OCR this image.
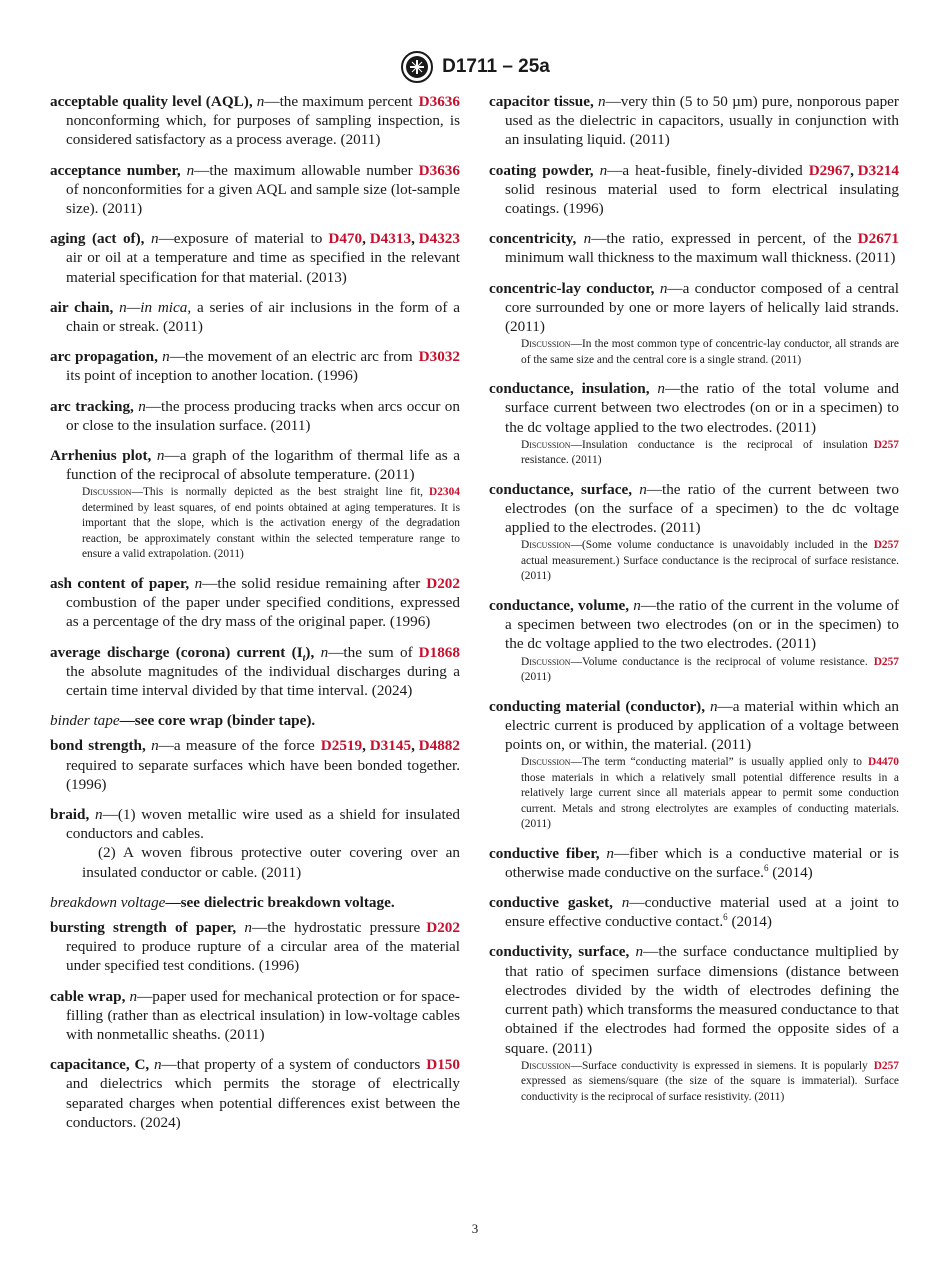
D1711 – 25a
acceptable quality level (AQL), n	D3636
—the maximum percent nonconforming which, for purposes of sampling inspection, is considered satisfactory as a process average. (2011)
acceptance number, n	D3636
—the maximum allowable number of nonconformities for a given AQL and sample size (lot-sample size). (2011)
aging (act of), n	D470, D4313, D4323
—exposure of material to air or oil at a temperature and time as specified in the relevant material specification for that material. (2013)
air chain, n—in mica, a series of air inclusions in the form of a chain or streak. (2011)
arc propagation, n	D3032
—the movement of an electric arc from its point of inception to another location. (1996)
arc tracking, n—the process producing tracks when arcs occur on or close to the insulation surface. (2011)
Arrhenius plot, n—a graph of the logarithm of thermal life as a function of the reciprocal of absolute temperature. (2011)
Discussion	D2304
—This is normally depicted as the best straight line fit, determined by least squares, of end points obtained at aging temperatures. It is important that the slope, which is the activation energy of the degradation reaction, be approximately constant within the selected temperature range to ensure a valid extrapolation. (2011)
ash content of paper, n	D202
—the solid residue remaining after combustion of the paper under specified conditions, expressed as a percentage of the dry mass of the original paper. (1996)
average discharge (corona) current $(I_t)$, n	D1868
—the sum of the absolute magnitudes of the individual discharges during a certain time interval divided by that time interval. (2024)
binder tape—see core wrap (binder tape).
bond strength, n	D2519, D3145, D4882
—a measure of the force required to separate surfaces which have been bonded together. (1996)
braid, n—(1) woven metallic wire used as a shield for insulated conductors and cables.
(2) A woven fibrous protective outer covering over an insulated conductor or cable. (2011)
breakdown voltage—see dielectric breakdown voltage.
bursting strength of paper, n	D202
—the hydrostatic pressure required to produce rupture of a circular area of the material under specified test conditions. (1996)
cable wrap, n—paper used for mechanical protection or for space-filling (rather than as electrical insulation) in low-voltage cables with nonmetallic sheaths. (2011)
capacitance, C, n	D150
—that property of a system of conductors and dielectrics which permits the storage of electrically separated charges when potential differences exist between the conductors. (2024)
capacitor tissue, n—very thin (5 to 50 µm) pure, nonporous paper used as the dielectric in capacitors, usually in conjunction with an insulating liquid. (2011)
coating powder, n	D2967, D3214
—a heat-fusible, finely-divided solid resinous material used to form electrical insulating coatings. (1996)
concentricity, n	D2671
—the ratio, expressed in percent, of the minimum wall thickness to the maximum wall thickness. (2011)
concentric-lay conductor, n—a conductor composed of a central core surrounded by one or more layers of helically laid strands. (2011)
Discussion—In the most common type of concentric-lay conductor, all strands are of the same size and the central core is a single strand. (2011)
conductance, insulation, n—the ratio of the total volume and surface current between two electrodes (on or in a specimen) to the dc voltage applied to the two electrodes. (2011)
Discussion	D257
—Insulation conductance is the reciprocal of insulation resistance. (2011)
conductance, surface, n—the ratio of the current between two electrodes (on the surface of a specimen) to the dc voltage applied to the electrodes. (2011)
Discussion	D257
—(Some volume conductance is unavoidably included in the actual measurement.) Surface conductance is the reciprocal of surface resistance. (2011)
conductance, volume, n—the ratio of the current in the volume of a specimen between two electrodes (on or in the specimen) to the dc voltage applied to the two electrodes. (2011)
Discussion	D257
—Volume conductance is the reciprocal of volume resistance. (2011)
conducting material (conductor), n—a material within which an electric current is produced by application of a voltage between points on, or within, the material. (2011)
Discussion	D4470
—The term “conducting material” is usually applied only to those materials in which a relatively small potential difference results in a relatively large current since all materials appear to permit some conduction current. Metals and strong electrolytes are examples of conducting materials. (2011)
conductive fiber, n—fiber which is a conductive material or is otherwise made conductive on the surface.$^6$ (2014)
conductive gasket, n—conductive material used at a joint to ensure effective conductive contact.$^6$ (2014)
conductivity, surface, n—the surface conductance multiplied by that ratio of specimen surface dimensions (distance between electrodes divided by the width of electrodes defining the current path) which transforms the measured conductance to that obtained if the electrodes had formed the opposite sides of a square. (2011)
Discussion	D257
—Surface conductivity is expressed in siemens. It is popularly expressed as siemens/square (the size of the square is immaterial). Surface conductivity is the reciprocal of surface resistivity. (2011)
3
